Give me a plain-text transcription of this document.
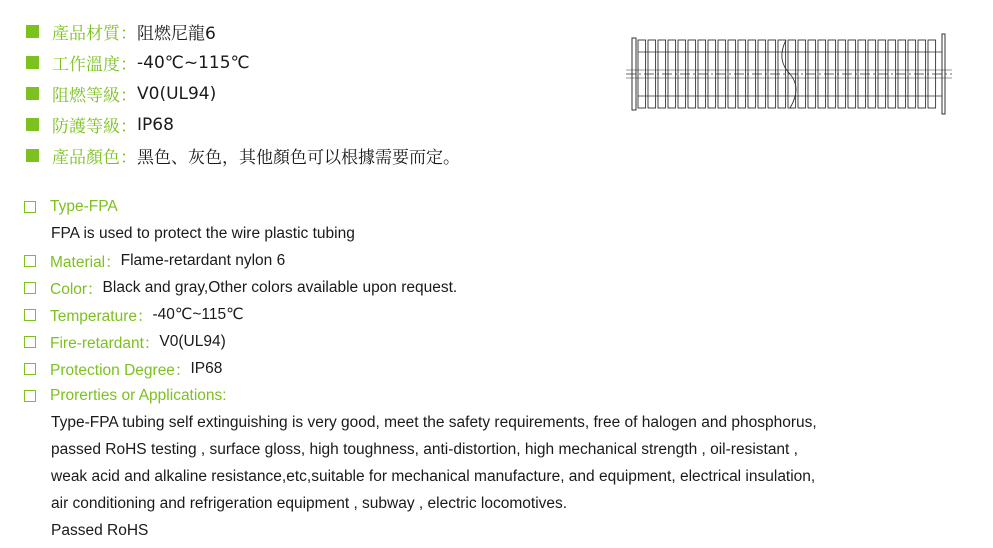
產品材質： 阻燃尼龍6
工作溫度： -40℃~115℃
阻燃等級： V0(UL94)
防護等級： IP68
產品顏色： 黑色、灰色，其他顏色可以根據需要而定。
Type-FPA
FPA is used to protect the wire plastic tubing
Material： Flame-retardant nylon 6
Color： Black and gray,Other colors available upon request.
Temperature： -40℃~115℃
Fire-retardant： V0(UL94)
Protection Degree： IP68
Prorerties or Applications:
Type-FPA tubing self extinguishing is very good, meet the safety requirements, free of halogen and phosphorus,
passed RoHS testing , surface gloss, high toughness, anti-distortion, high mechanical strength , oil-resistant ,
weak acid and alkaline resistance,etc,suitable for mechanical manufacture, and equipment, electrical insulation,
air conditioning and refrigeration equipment , subway , electric locomotives.
Passed RoHS
